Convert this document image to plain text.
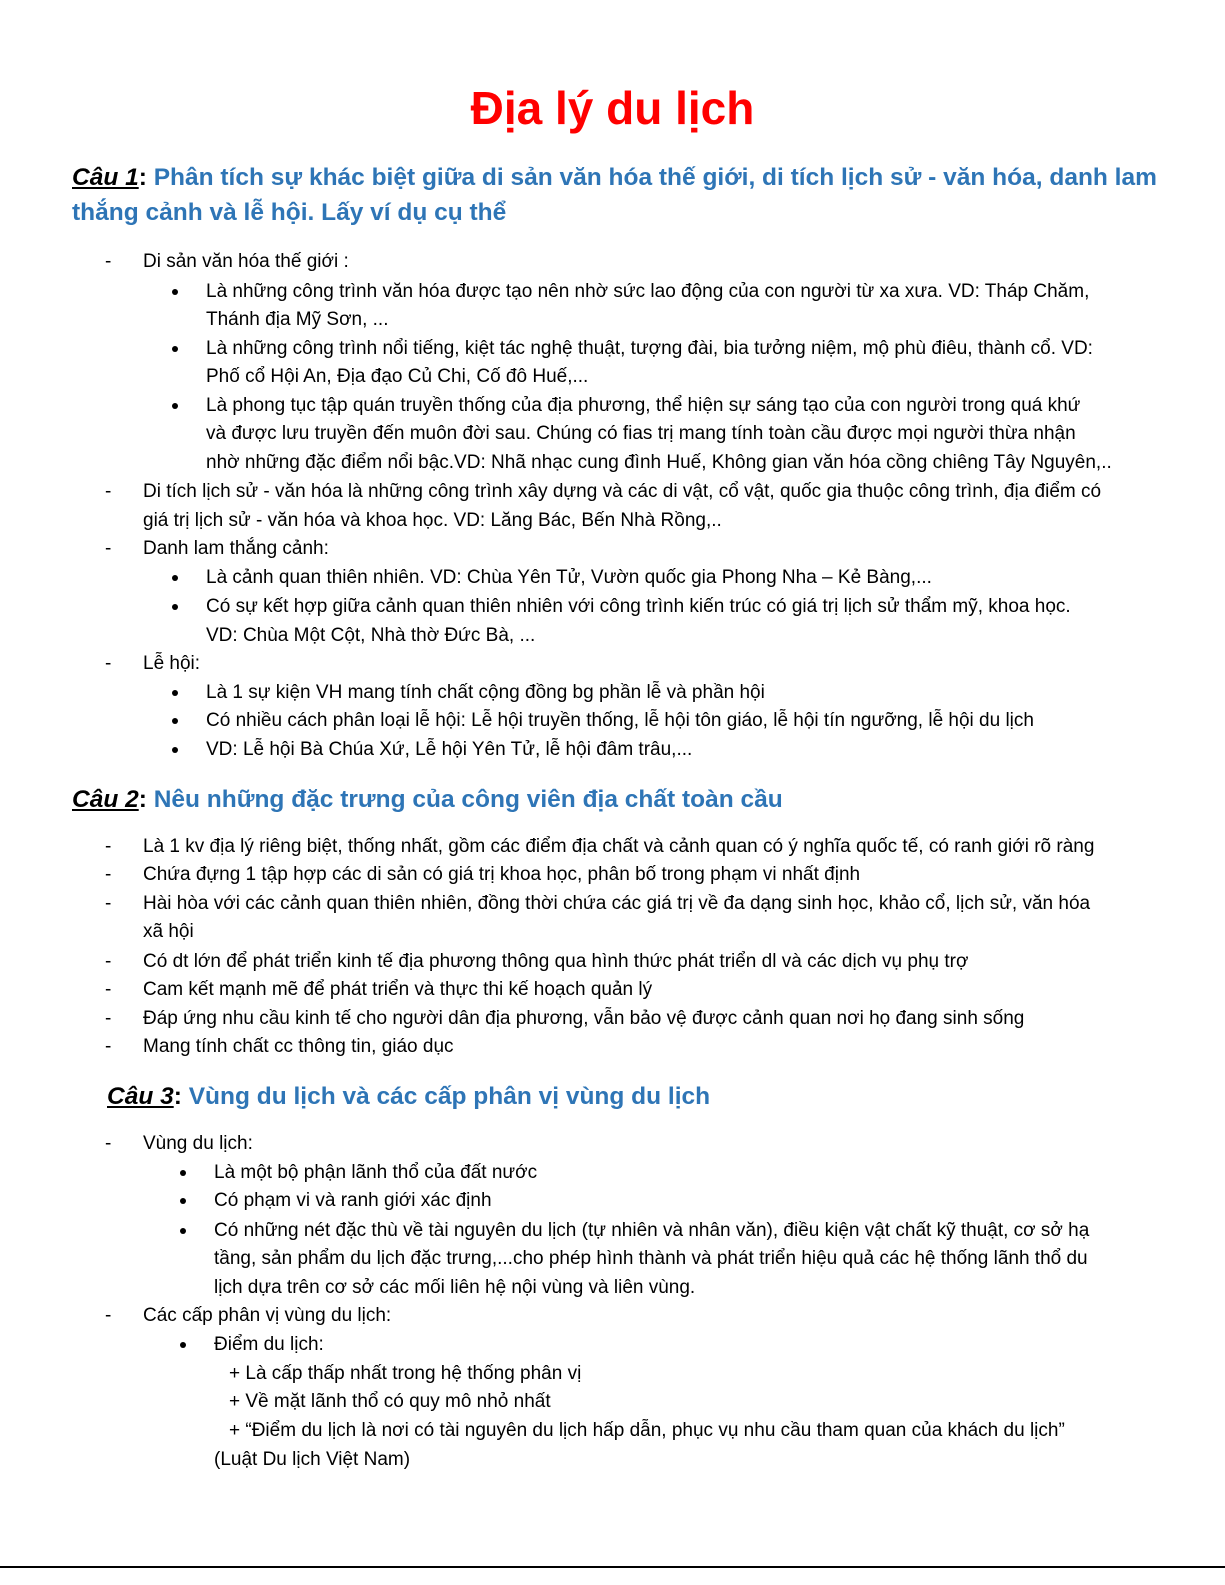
Địa lý du lịch
Câu 1: Phân tích sự khác biệt giữa di sản văn hóa thế giới, di tích lịch sử - văn hóa, danh lam
thắng cảnh và lễ hội. Lấy ví dụ cụ thể
- Di sản văn hóa thế giới :
Là những công trình văn hóa được tạo nên nhờ sức lao động của con người từ xa xưa. VD: Tháp Chăm,
Thánh địa Mỹ Sơn, ...
Là những công trình nổi tiếng, kiệt tác nghệ thuật, tượng đài, bia tưởng niệm, mộ phù điêu, thành cổ. VD:
Phố cổ Hội An, Địa đạo Củ Chi, Cố đô Huế,...
Là phong tục tập quán truyền thống của địa phương, thể hiện sự sáng tạo của con người trong quá khứ
và được lưu truyền đến muôn đời sau. Chúng có ﬁas trị mang tính toàn cầu được mọi người thừa nhận
nhờ những đặc điểm nổi bậc.VD: Nhã nhạc cung đình Huế, Không gian văn hóa cồng chiêng Tây Nguyên,..
- Di tích lịch sử - văn hóa là những công trình xây dựng và các di vật, cổ vật, quốc gia thuộc công trình, địa điểm có
giá trị lịch sử - văn hóa và khoa học. VD: Lăng Bác, Bến Nhà Rồng,..
- Danh lam thắng cảnh:
Là cảnh quan thiên nhiên. VD: Chùa Yên Tử, Vườn quốc gia Phong Nha – Kẻ Bàng,...
Có sự kết hợp giữa cảnh quan thiên nhiên với công trình kiến trúc có giá trị lịch sử thẩm mỹ, khoa học.
VD: Chùa Một Cột, Nhà thờ Đức Bà, ...
- Lễ hội:
Là 1 sự kiện VH mang tính chất cộng đồng bg phần lễ và phần hội
Có nhiều cách phân loại lễ hội: Lễ hội truyền thống, lễ hội tôn giáo, lễ hội tín ngưỡng, lễ hội du lịch
VD: Lễ hội Bà Chúa Xứ, Lễ hội Yên Tử, lễ hội đâm trâu,...
Câu 2: Nêu những đặc trưng của công viên địa chất toàn cầu
- Là 1 kv địa lý riêng biệt, thống nhất, gồm các điểm địa chất và cảnh quan có ý nghĩa quốc tế, có ranh giới rõ ràng
- Chứa đựng 1 tập hợp các di sản có giá trị khoa học, phân bố trong phạm vi nhất định
- Hài hòa với các cảnh quan thiên nhiên, đồng thời chứa các giá trị về đa dạng sinh học, khảo cổ, lịch sử, văn hóa
xã hội
- Có dt lớn để phát triển kinh tế địa phương thông qua hình thức phát triển dl và các dịch vụ phụ trợ
- Cam kết mạnh mẽ để phát triển và thực thi kế hoạch quản lý
- Đáp ứng nhu cầu kinh tế cho người dân địa phương, vẫn bảo vệ được cảnh quan nơi họ đang sinh sống
- Mang tính chất cc thông tin, giáo dục
Câu 3: Vùng du lịch và các cấp phân vị vùng du lịch
- Vùng du lịch:
Là một bộ phận lãnh thổ của đất nước
Có phạm vi và ranh giới xác định
Có những nét đặc thù về tài nguyên du lịch (tự nhiên và nhân văn), điều kiện vật chất kỹ thuật, cơ sở hạ
tầng, sản phẩm du lịch đặc trưng,...cho phép hình thành và phát triển hiệu quả các hệ thống lãnh thổ du
lịch dựa trên cơ sở các mối liên hệ nội vùng và liên vùng.
- Các cấp phân vị vùng du lịch:
Điểm du lịch:
+ Là cấp thấp nhất trong hệ thống phân vị
+ Về mặt lãnh thổ có quy mô nhỏ nhất
+ “Điểm du lịch là nơi có tài nguyên du lịch hấp dẫn, phục vụ nhu cầu tham quan của khách du lịch”
(Luật Du lịch Việt Nam)
